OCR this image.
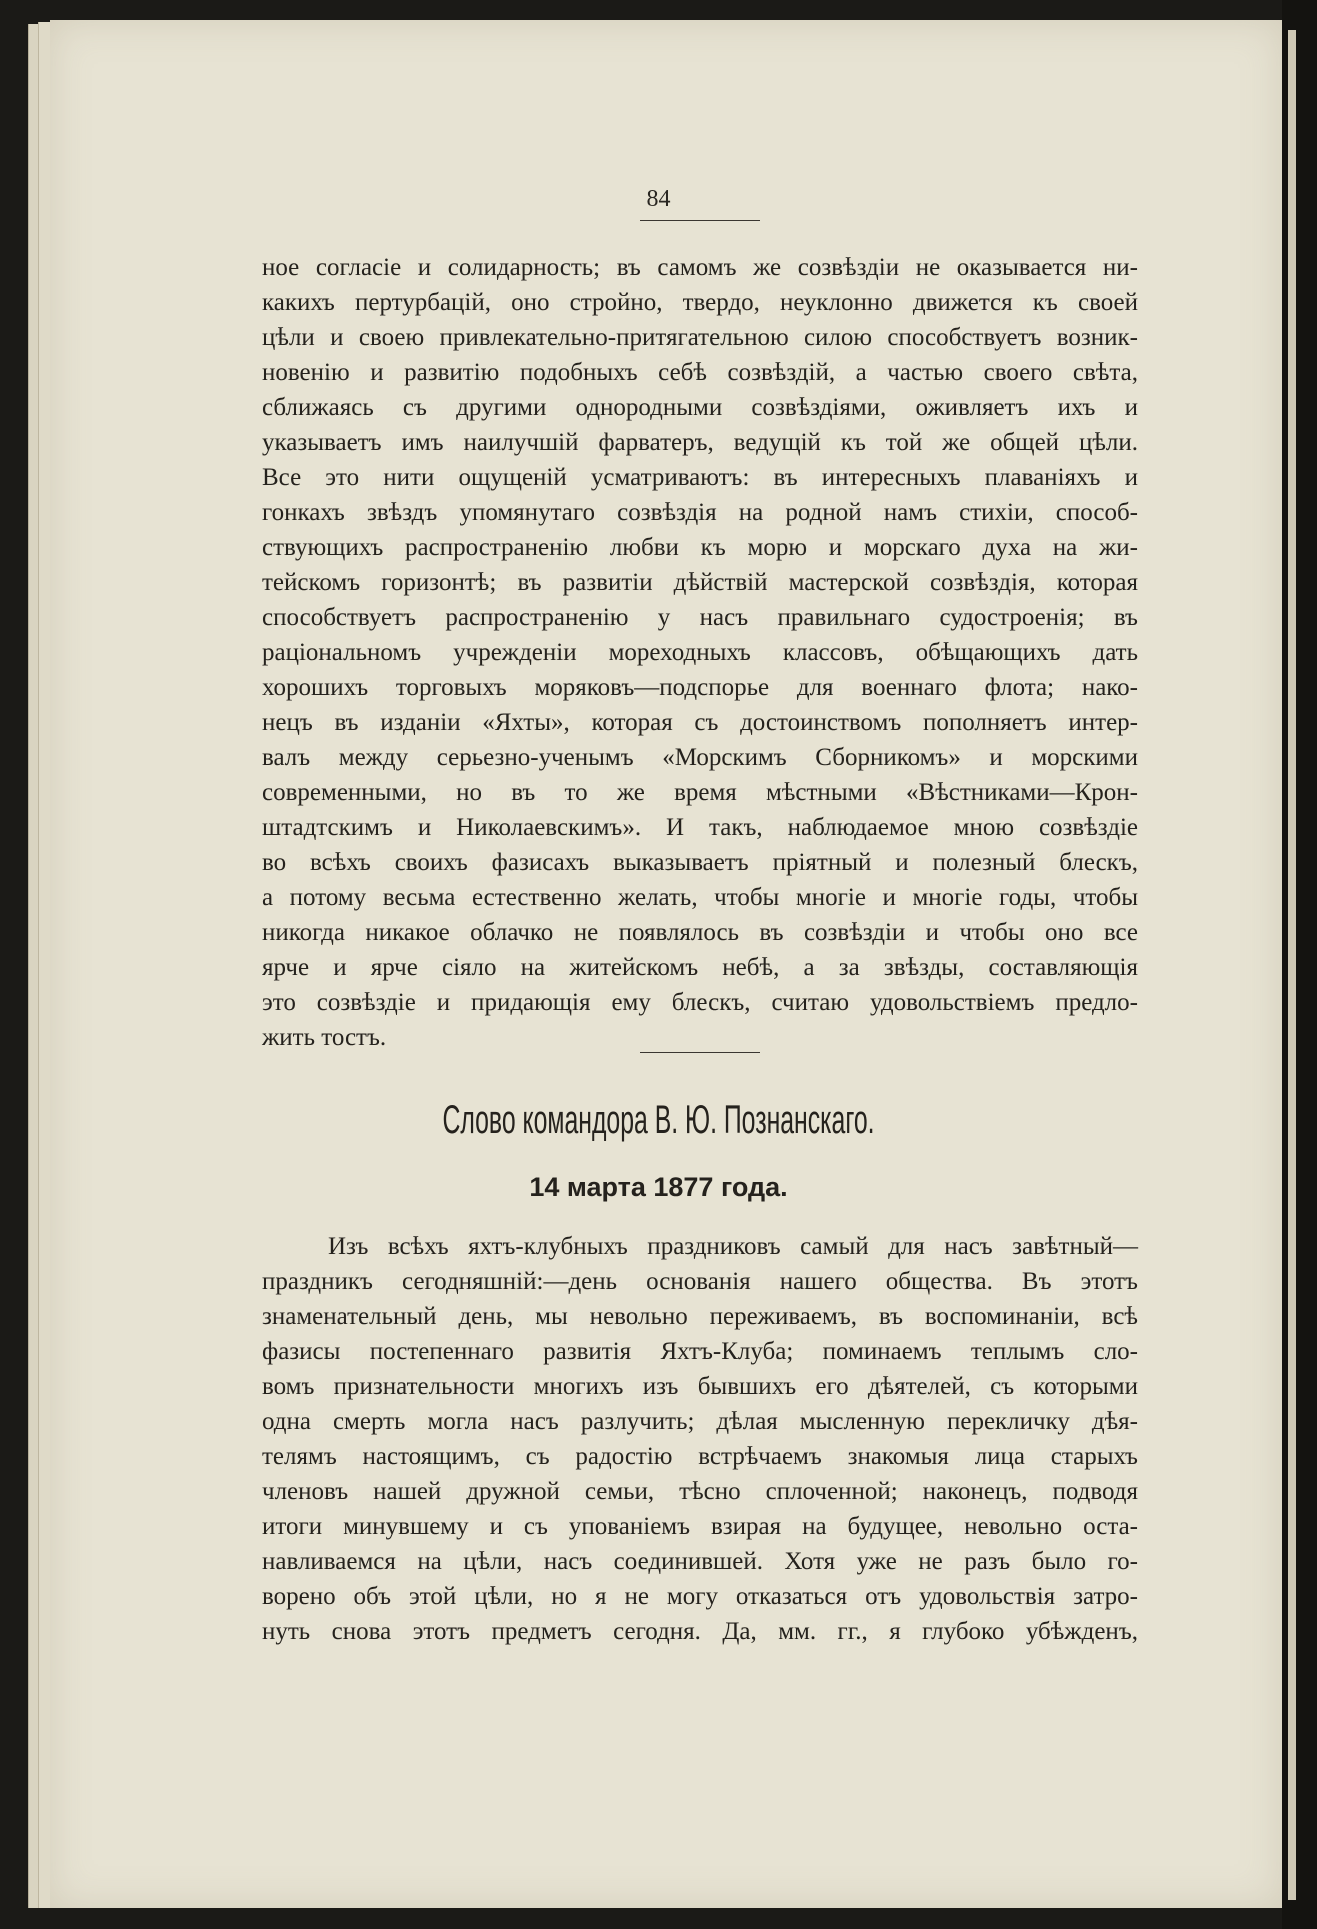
84
ное согласіе и солидарность; въ самомъ же созвѣздіи не оказывается ни-
какихъ пертурбацій, оно стройно, твердо, неуклонно движется къ своей
цѣли и своею привлекательно-притягательною силою способствуетъ возник-
новенію и развитію подобныхъ себѣ созвѣздій, а частью своего свѣта,
сближаясь съ другими однородными созвѣздіями, оживляетъ ихъ и
указываетъ имъ наилучшій фарватеръ, ведущій къ той же общей цѣли.
Все это нити ощущеній усматриваютъ: въ интересныхъ плаваніяхъ и
гонкахъ звѣздъ упомянутаго созвѣздія на родной намъ стихіи, способ-
ствующихъ распространенію любви къ морю и морскаго духа на жи-
тейскомъ горизонтѣ; въ развитіи дѣйствій мастерской созвѣздія, которая
способствуетъ распространенію у насъ правильнаго судостроенія; въ
раціональномъ учрежденіи мореходныхъ классовъ, обѣщающихъ дать
хорошихъ торговыхъ моряковъ—подспорье для военнаго флота; нако-
нецъ въ изданіи «Яхты», которая съ достоинствомъ пополняетъ интер-
валъ между серьезно-ученымъ «Морскимъ Сборникомъ» и морскими
современными, но въ то же время мѣстными «Вѣстниками—Крон-
штадтскимъ и Николаевскимъ». И такъ, наблюдаемое мною созвѣздіе
во всѣхъ своихъ фазисахъ выказываетъ пріятный и полезный блескъ,
а потому весьма естественно желать, чтобы многіе и многіе годы, чтобы
никогда никакое облачко не появлялось въ созвѣздіи и чтобы оно все
ярче и ярче сіяло на житейскомъ небѣ, а за звѣзды, составляющія
это созвѣздіе и придающія ему блескъ, считаю удовольствіемъ предло-
жить тостъ.
Слово командора В. Ю. Познанскаго.
14 марта 1877 года.
Изъ всѣхъ яхтъ-клубныхъ праздниковъ самый для насъ завѣтный—
праздникъ сегодняшній:—день основанія нашего общества. Въ этотъ
знаменательный день, мы невольно переживаемъ, въ воспоминаніи, всѣ
фазисы постепеннаго развитія Яхтъ-Клуба; поминаемъ теплымъ сло-
вомъ признательности многихъ изъ бывшихъ его дѣятелей, съ которыми
одна смерть могла насъ разлучить; дѣлая мысленную перекличку дѣя-
телямъ настоящимъ, съ радостію встрѣчаемъ знакомыя лица старыхъ
членовъ нашей дружной семьи, тѣсно сплоченной; наконецъ, подводя
итоги минувшему и съ упованіемъ взирая на будущее, невольно оста-
навливаемся на цѣли, насъ соединившей. Хотя уже не разъ было го-
ворено объ этой цѣли, но я не могу отказаться отъ удовольствія затро-
нуть снова этотъ предметъ сегодня. Да, мм. гг., я глубоко убѣжденъ,
